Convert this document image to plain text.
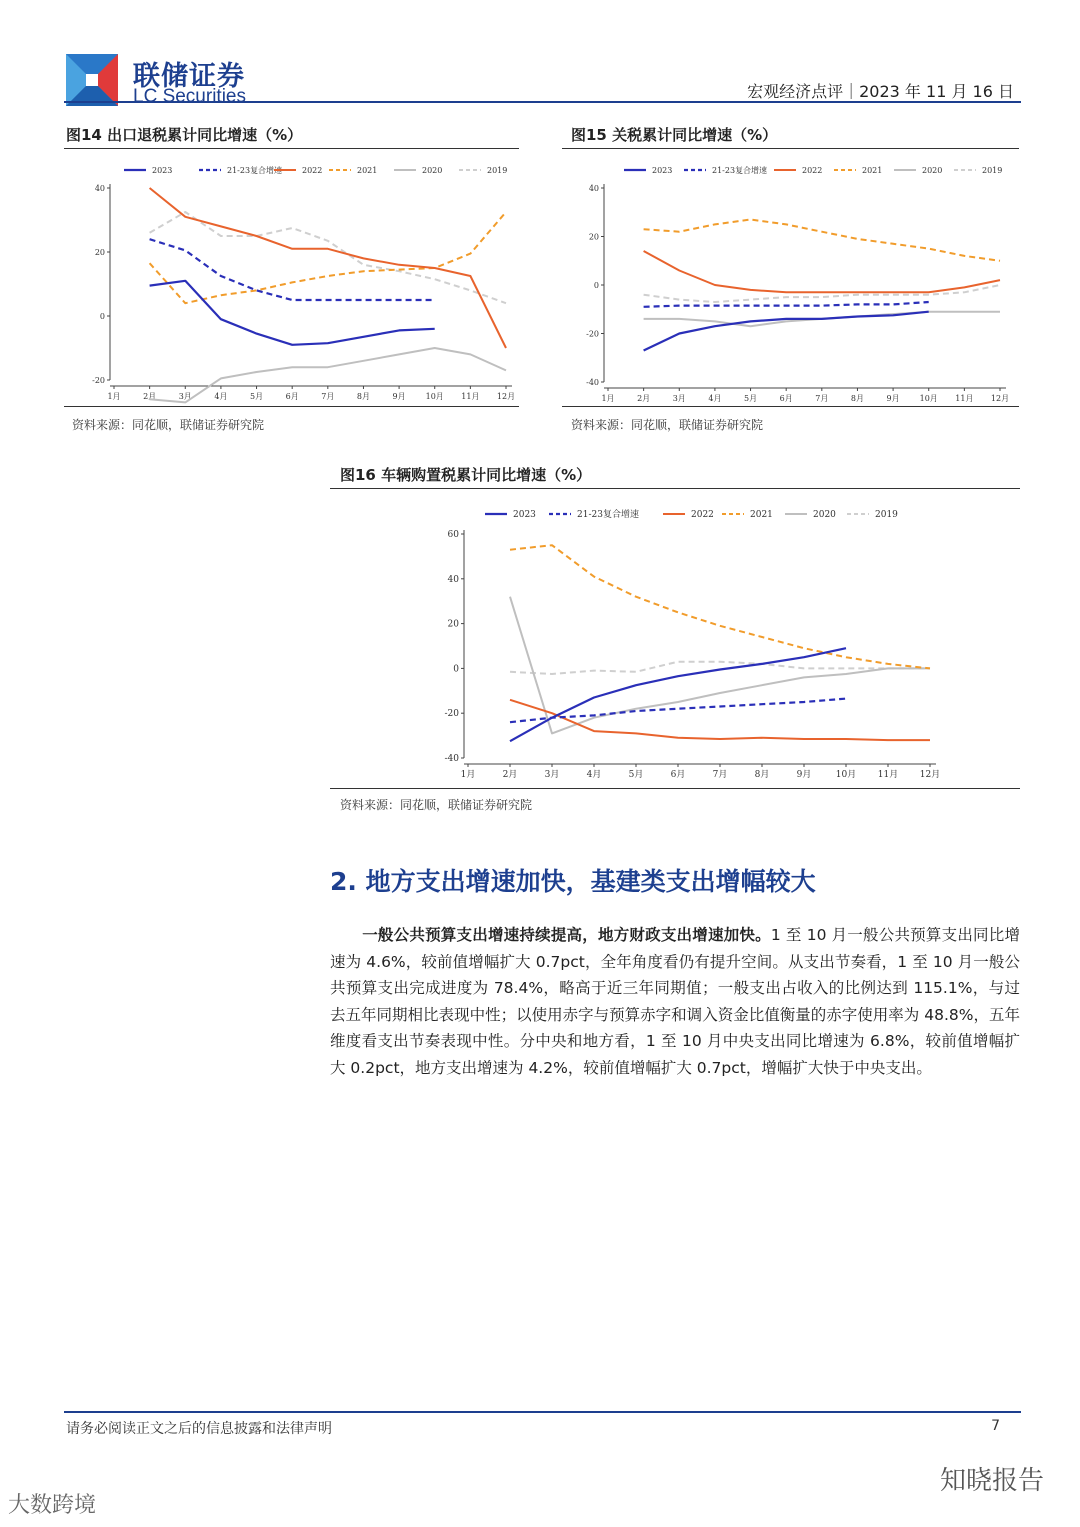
联储证券
LC Securities	宏观经济点评｜2023 年 11 月 16 日
图14 出口退税累计同比增速（%）
40
20
0
-20
1月	2月	3月	4月	5月	6月	7月	8月	9月 10月 11月 12月
2023	21-23复合增速 2022	2021	2020	2019
资料来源：同花顺，联储证券研究院
图15 关税累计同比增速（%）
40
20
0
-20
-40
1月	2月	3月	4月	5月	6月	7月	8月	9月 10月 11月 12月
2023	21-23复合增速	2022	2021	2020	2019
资料来源：同花顺，联储证券研究院
图16 车辆购置税累计同比增速（%）
60
40
20
0
-20
-40
1月	2月	3月	4月	5月	6月	7月	8月	9月	10月 11月 12月
2023	21-23复合增速	2022	2021	2020	2019
资料来源：同花顺，联储证券研究院
2. 地方支出增速加快，基建类支出增幅较大
一般公共预算支出增速持续提高，地方财政支出增速加快。1 至 10 月一般公共预算支出同比增速为 4.6%，较前值增幅扩大 0.7pct，全年角度看仍有提升空间。从支出节奏看，1 至 10 月一般公共预算支出完成进度为 78.4%，略高于近三年同期值；一般支出占收入的比例达到 115.1%，与过去五年同期相比表现中性；以使用赤字与预算赤字和调入资金比值衡量的赤字使用率为 48.8%，五年维度看支出节奏表现中性。分中央和地方看，1 至 10 月中央支出同比增速为 6.8%，较前值增幅扩大 0.2pct，地方支出增速为 4.2%，较前值增幅扩大 0.7pct，增幅扩大快于中央支出。
请务必阅读正文之后的信息披露和法律声明	7
知晓报告
大数跨境
